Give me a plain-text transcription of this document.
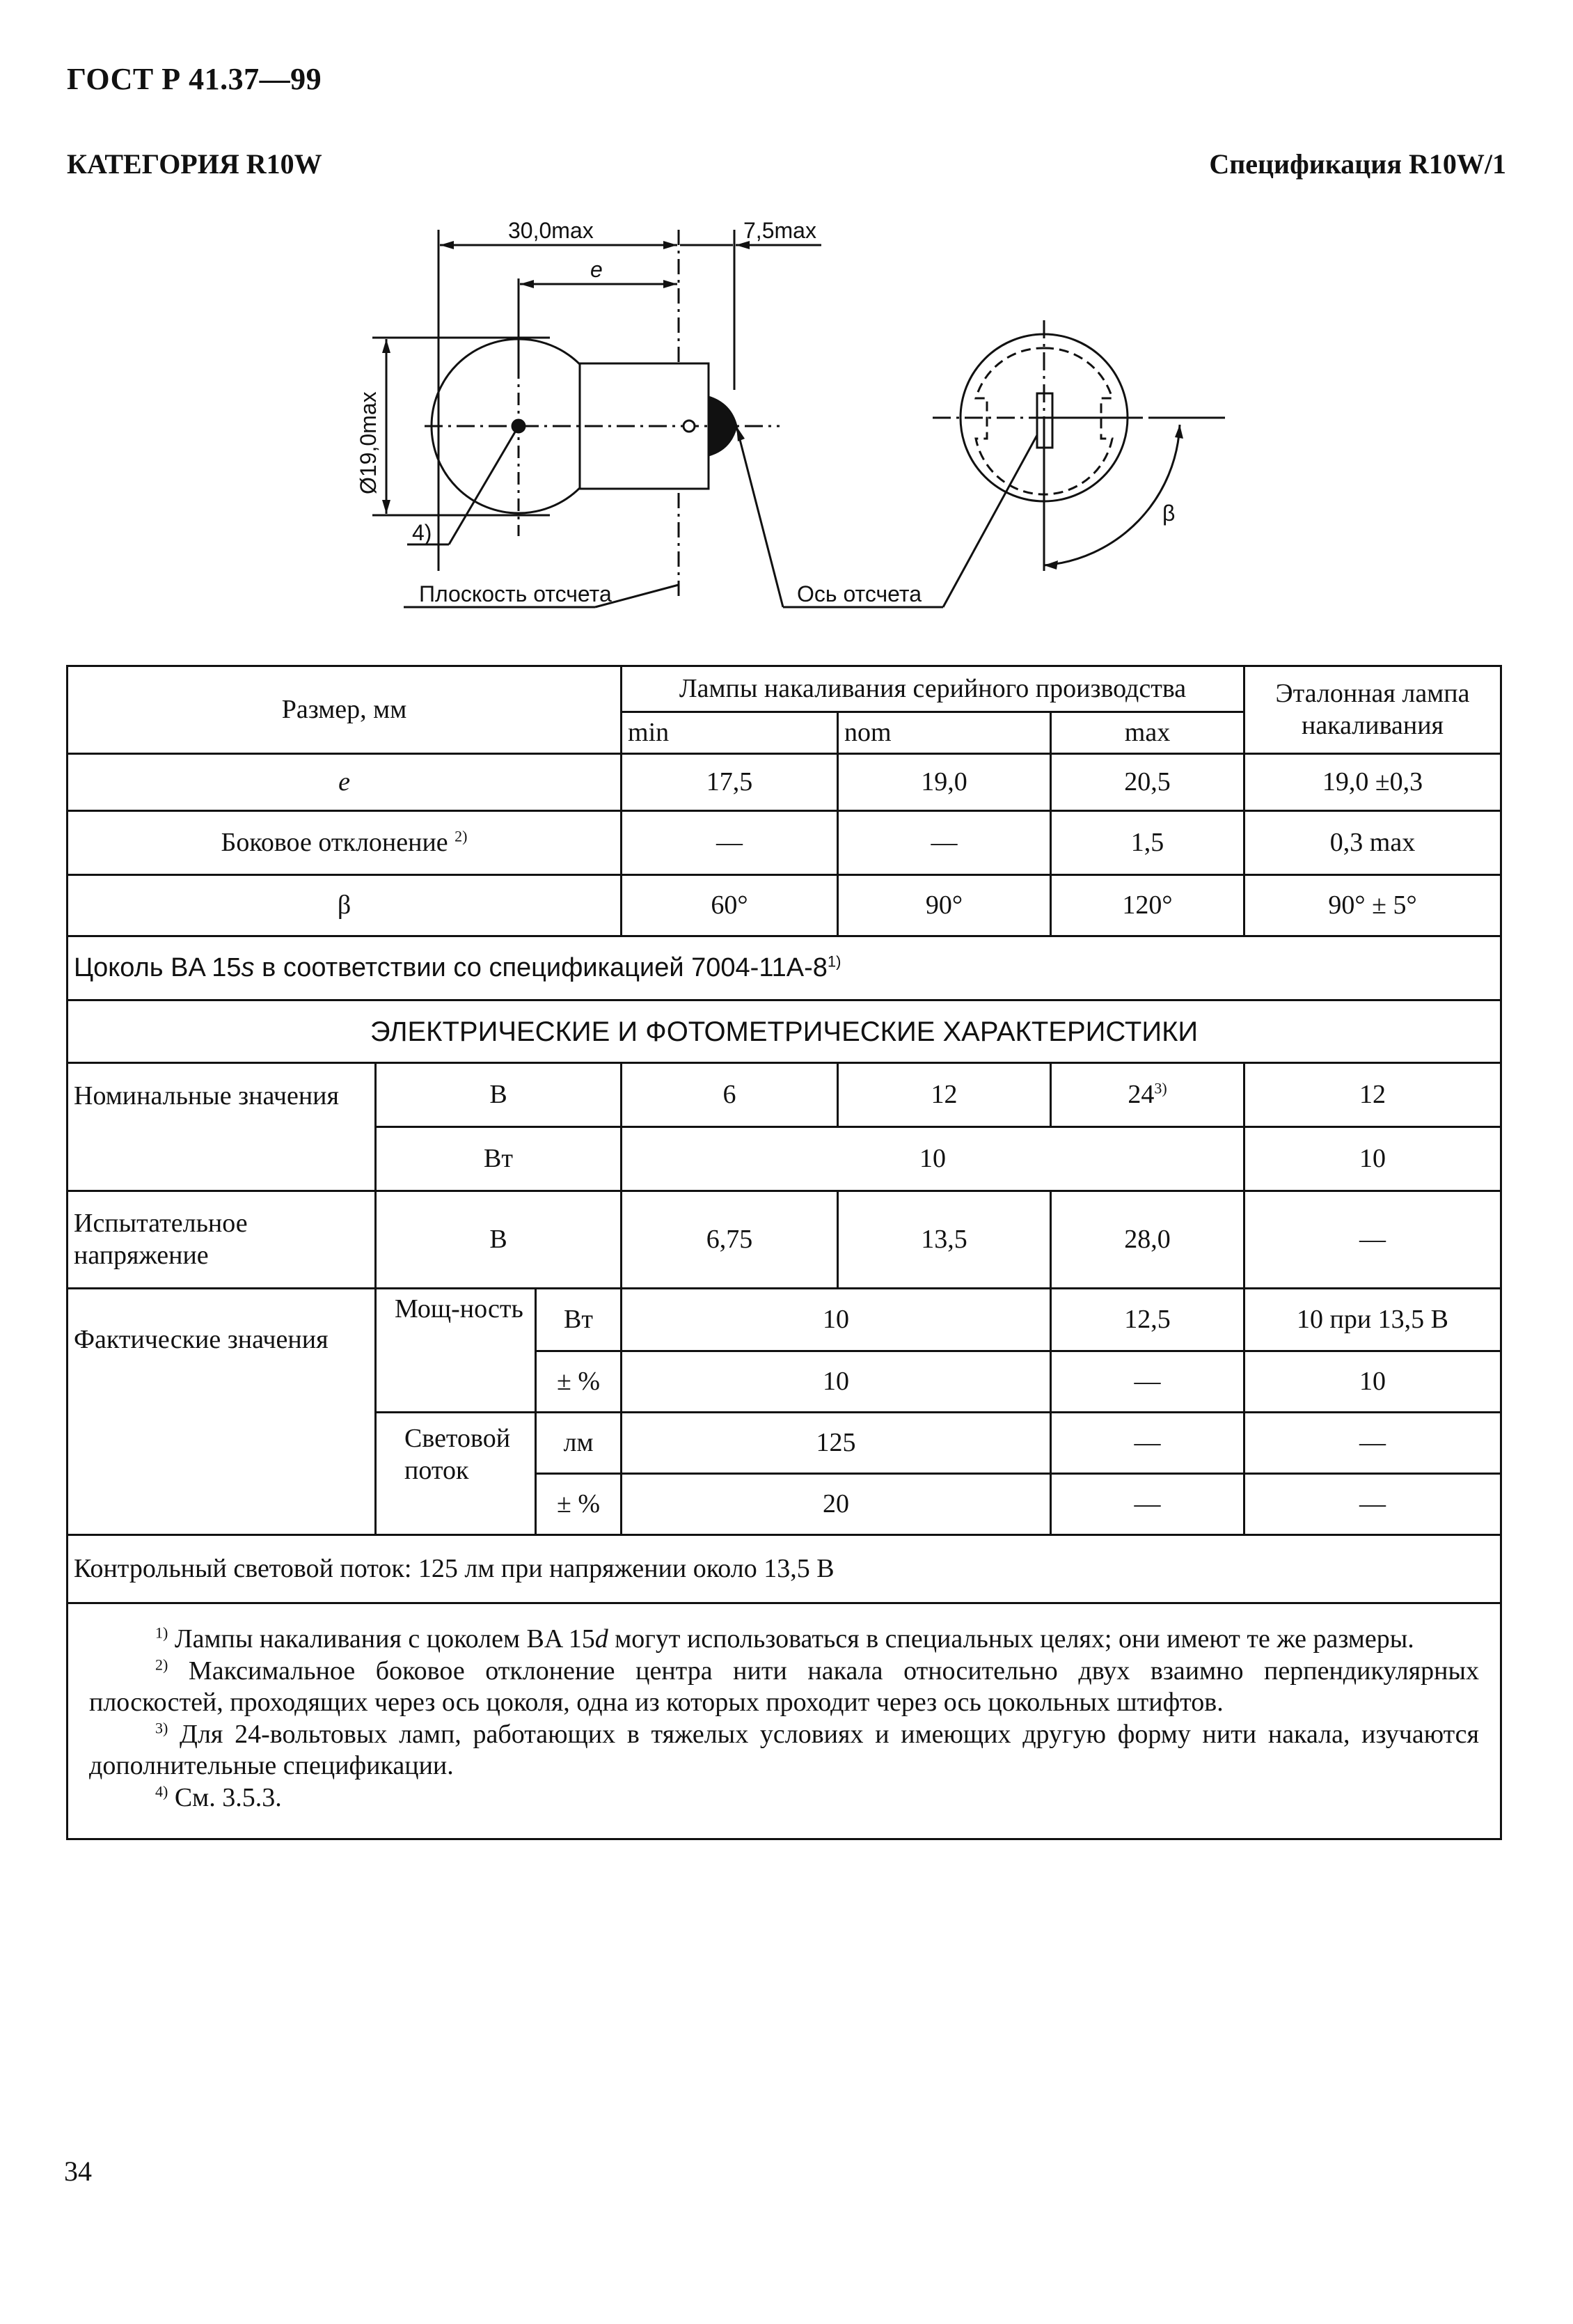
ГОСТ Р 41.37—99
КАТЕГОРИЯ R10W	Спецификация R10W/1
30,0max
e
7,5max
Ø19,0max
4)
Плоскость отсчета	Ось отсчета
β
Размер, мм			Лампы накаливания серийного производства			Эталонная лампа накаливания
			min	nom	max	
e			17,5	19,0	20,5	19,0 ±0,3
Боковое отклонение $^{2)}$			—	—	1,5	0,3 max
β			60°	90°	120°	90° ± 5°
Цоколь BA 15s в соответствии со спецификацией 7004-11A-8$^{1)}$
ЭЛЕКТРИЧЕСКИЕ И ФОТОМЕТРИЧЕСКИЕ ХАРАКТЕРИСТИКИ						
Номинальные значения	В		6	12	24$^{3)}$	12
	Вт		10			10
Испытательное напряжение	В		6,75	13,5	28,0	—
Фактические значения	Мощ-ность	Вт	10		12,5	10 при 13,5 В
		± %	10		—	10
	Световой поток	лм	125		—	—
		± %	20		—	—
Контрольный световой поток: 125 лм при напряжении около 13,5 В						

$^{1)}$ Лампы накаливания с цоколем BA 15d могут использоваться в специальных целях; они имеют те же размеры.

$^{2)}$ Максимальное боковое отклонение центра нити накала относительно двух взаимно перпендикулярных плоскостей, проходящих через ось цоколя, одна из которых проходит через ось цокольных штифтов.

$^{3)}$ Для 24-вольтовых ламп, работающих в тяжелых условиях и имеющих другую форму нити накала, изучаются дополнительные спецификации.

$^{4)}$ См. 3.5.3.						

34
